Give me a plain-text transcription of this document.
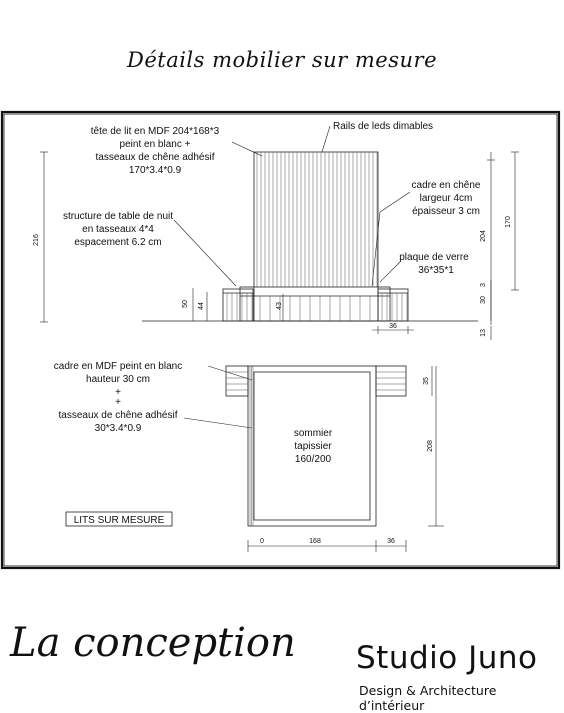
Détails mobilier sur mesure
tête de lit en MDF 204*168*3
peint en blanc +
tasseaux de chêne adhésif
170*3.4*0.9
Rails de leds dimables
structure de table de nuit
en tasseaux 4*4
espacement 6.2 cm
cadre en chêne
largeur 4cm
épaisseur 3 cm
plaque de verre
36*35*1
216	204
170
50 44	43
30
3
13
36
cadre en MDF peint en blanc
hauteur 30 cm
+
+
tasseaux de chêne adhésif
30*3.4*0.9	sommier
tapissier
160/200
35
208
0	168	36
LITS SUR MESURE
La conception Studio Juno
Design & Architecture d’intérieur
